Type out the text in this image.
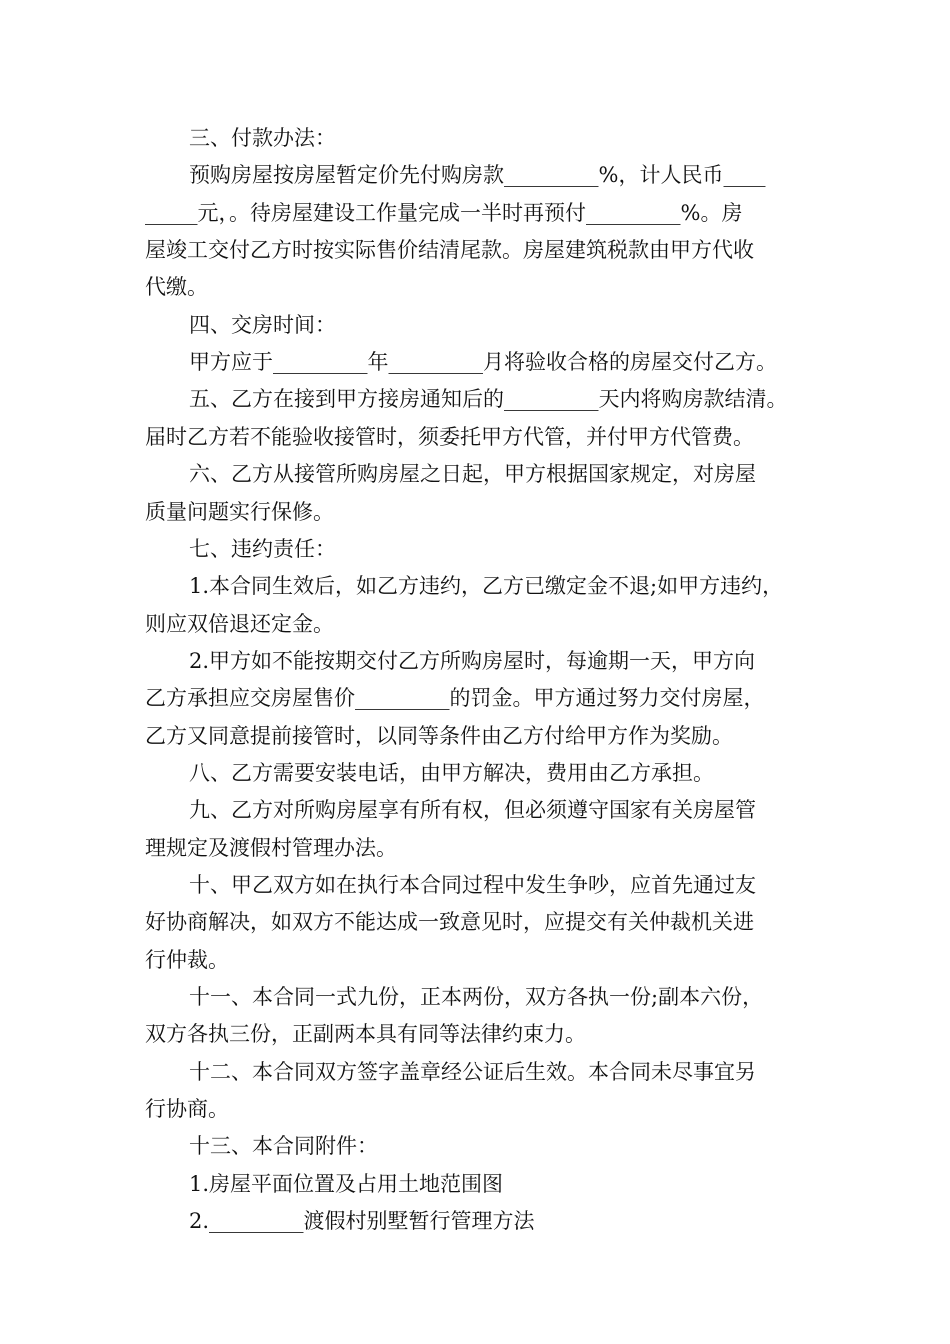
三、付款办法：
预购房屋按房屋暂定价先付购房款_________%，计人民币____
_____元，。待房屋建设工作量完成一半时再预付_________%。房
屋竣工交付乙方时按实际售价结清尾款。房屋建筑税款由甲方代收
代缴。
四、交房时间：
甲方应于_________年_________月将验收合格的房屋交付乙方。
五、乙方在接到甲方接房通知后的_________天内将购房款结清。
届时乙方若不能验收接管时，须委托甲方代管，并付甲方代管费。
六、乙方从接管所购房屋之日起，甲方根据国家规定，对房屋
质量问题实行保修。
七、违约责任：
1.本合同生效后，如乙方违约，乙方已缴定金不退;如甲方违约，
则应双倍退还定金。
2.甲方如不能按期交付乙方所购房屋时，每逾期一天，甲方向
乙方承担应交房屋售价_________的罚金。甲方通过努力交付房屋，
乙方又同意提前接管时，以同等条件由乙方付给甲方作为奖励。
八、乙方需要安装电话，由甲方解决，费用由乙方承担。
九、乙方对所购房屋享有所有权，但必须遵守国家有关房屋管
理规定及渡假村管理办法。
十、甲乙双方如在执行本合同过程中发生争吵，应首先通过友
好协商解决，如双方不能达成一致意见时，应提交有关仲裁机关进
行仲裁。
十一、本合同一式九份，正本两份，双方各执一份;副本六份，
双方各执三份，正副两本具有同等法律约束力。
十二、本合同双方签字盖章经公证后生效。本合同未尽事宜另
行协商。
十三、本合同附件：
1.房屋平面位置及占用土地范围图
2._________渡假村别墅暂行管理方法
